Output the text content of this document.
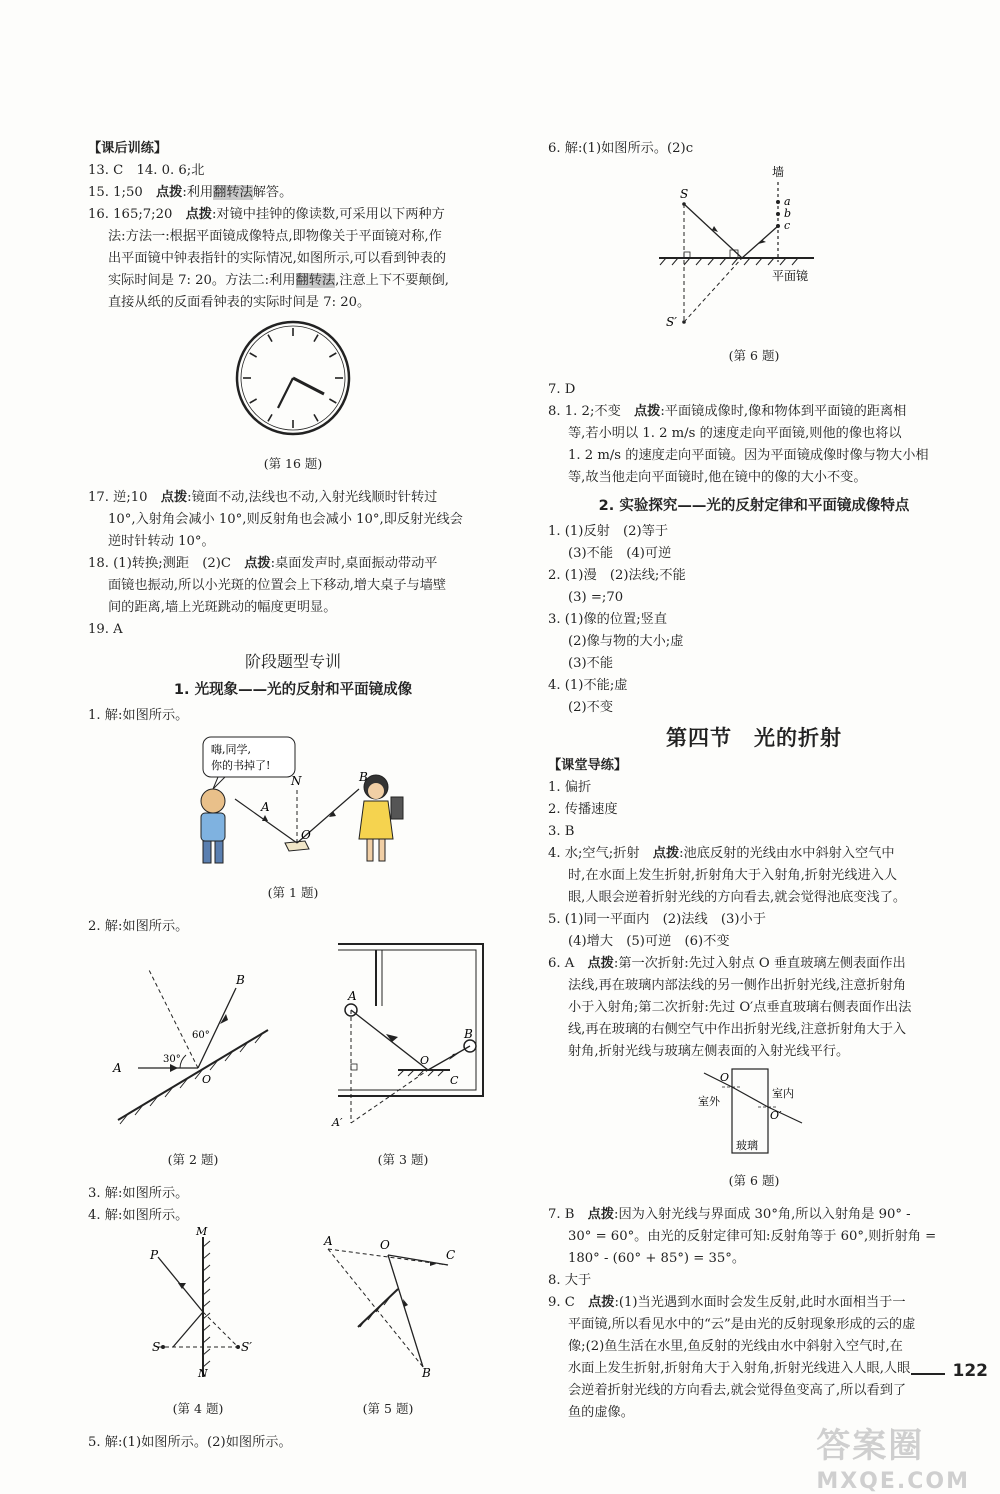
【课后训练】

13. C　14. 0. 6;北

15. 1;50　点拨:利用翻转法解答。

16. 165;7;20　点拨:对镜中挂钟的像读数,可采用以下两种方

法:方法一:根据平面镜成像特点,即物像关于平面镜对称,作

出平面镜中钟表指针的实际情况,如图所示,可以看到钟表的

实际时间是 7: 20。方法二:利用翻转法,注意上下不要颠倒,

直接从纸的反面看钟表的实际时间是 7: 20。

(第 16 题)

17. 逆;10　点拨:镜面不动,法线也不动,入射光线顺时针转过

10°,入射角会减小 10°,则反射角也会减小 10°,即反射光线会

逆时针转动 10°。

18. (1)转换;测距　(2)C　点拨:桌面发声时,桌面振动带动平

面镜也振动,所以小光斑的位置会上下移动,增大桌子与墙壁

间的距离,墙上光斑跳动的幅度更明显。

19. A

阶段题型专训

1. 光现象——光的反射和平面镜成像

1. 解:如图所示。

嗨,同学,
你的书掉了!
A
N	B
O

(第 1 题)

2. 解:如图所示。

A
B
O
30°
60°

(第 2 题)

A
B
O
C
A′

(第 3 题)

3. 解:如图所示。

4. 解:如图所示。

M
P
S	S′
N

(第 4 题)

A	O
C
B

(第 5 题)

5. 解:(1)如图所示。(2)如图所示。

6. 解:(1)如图所示。(2)c

墙
a
b
c
平面镜
S
S′

(第 6 题)

7. D

8. 1. 2;不变　点拨:平面镜成像时,像和物体到平面镜的距离相

等,若小明以 1. 2 m/s 的速度走向平面镜,则他的像也将以

1. 2 m/s 的速度走向平面镜。因为平面镜成像时像与物大小相

等,故当他走向平面镜时,他在镜中的像的大小不变。

2. 实验探究——光的反射定律和平面镜成像特点

1. (1)反射　(2)等于

(3)不能　(4)可逆

2. (1)漫　(2)法线;不能

(3) =;70

3. (1)像的位置;竖直

(2)像与物的大小;虚

(3)不能

4. (1)不能;虚

(2)不变

第四节　光的折射

【课堂导练】

1. 偏折

2. 传播速度

3. B

4. 水;空气;折射　点拨:池底反射的光线由水中斜射入空气中

时,在水面上发生折射,折射角大于入射角,折射光线进入人

眼,人眼会逆着折射光线的方向看去,就会觉得池底变浅了。

5. (1)同一平面内　(2)法线　(3)小于

(4)增大　(5)可逆　(6)不变

6. A　点拨:第一次折射:先过入射点 O 垂直玻璃左侧表面作出

法线,再在玻璃内部法线的另一侧作出折射光线,注意折射角

小于入射角;第二次折射:先过 O′点垂直玻璃右侧表面作出法

线,再在玻璃的右侧空气中作出折射光线,注意折射角大于入

射角,折射光线与玻璃左侧表面的入射光线平行。

O
O′
室外
室内
玻璃

(第 6 题)

7. B　点拨:因为入射光线与界面成 30°角,所以入射角是 90° -

30° = 60°。由光的反射定律可知:反射角等于 60°,则折射角 =

180° - (60° + 85°) = 35°。

8. 大于

9. C　点拨:(1)当光遇到水面时会发生反射,此时水面相当于一

平面镜,所以看见水中的“云”是由光的反射现象形成的云的虚

像;(2)鱼生活在水里,鱼反射的光线由水中斜射入空气时,在

水面上发生折射,折射角大于入射角,折射光线进入人眼,人眼

会逆着折射光线的方向看去,就会觉得鱼变高了,所以看到了

鱼的虚像。

122
答案圈
MXQE.COM
